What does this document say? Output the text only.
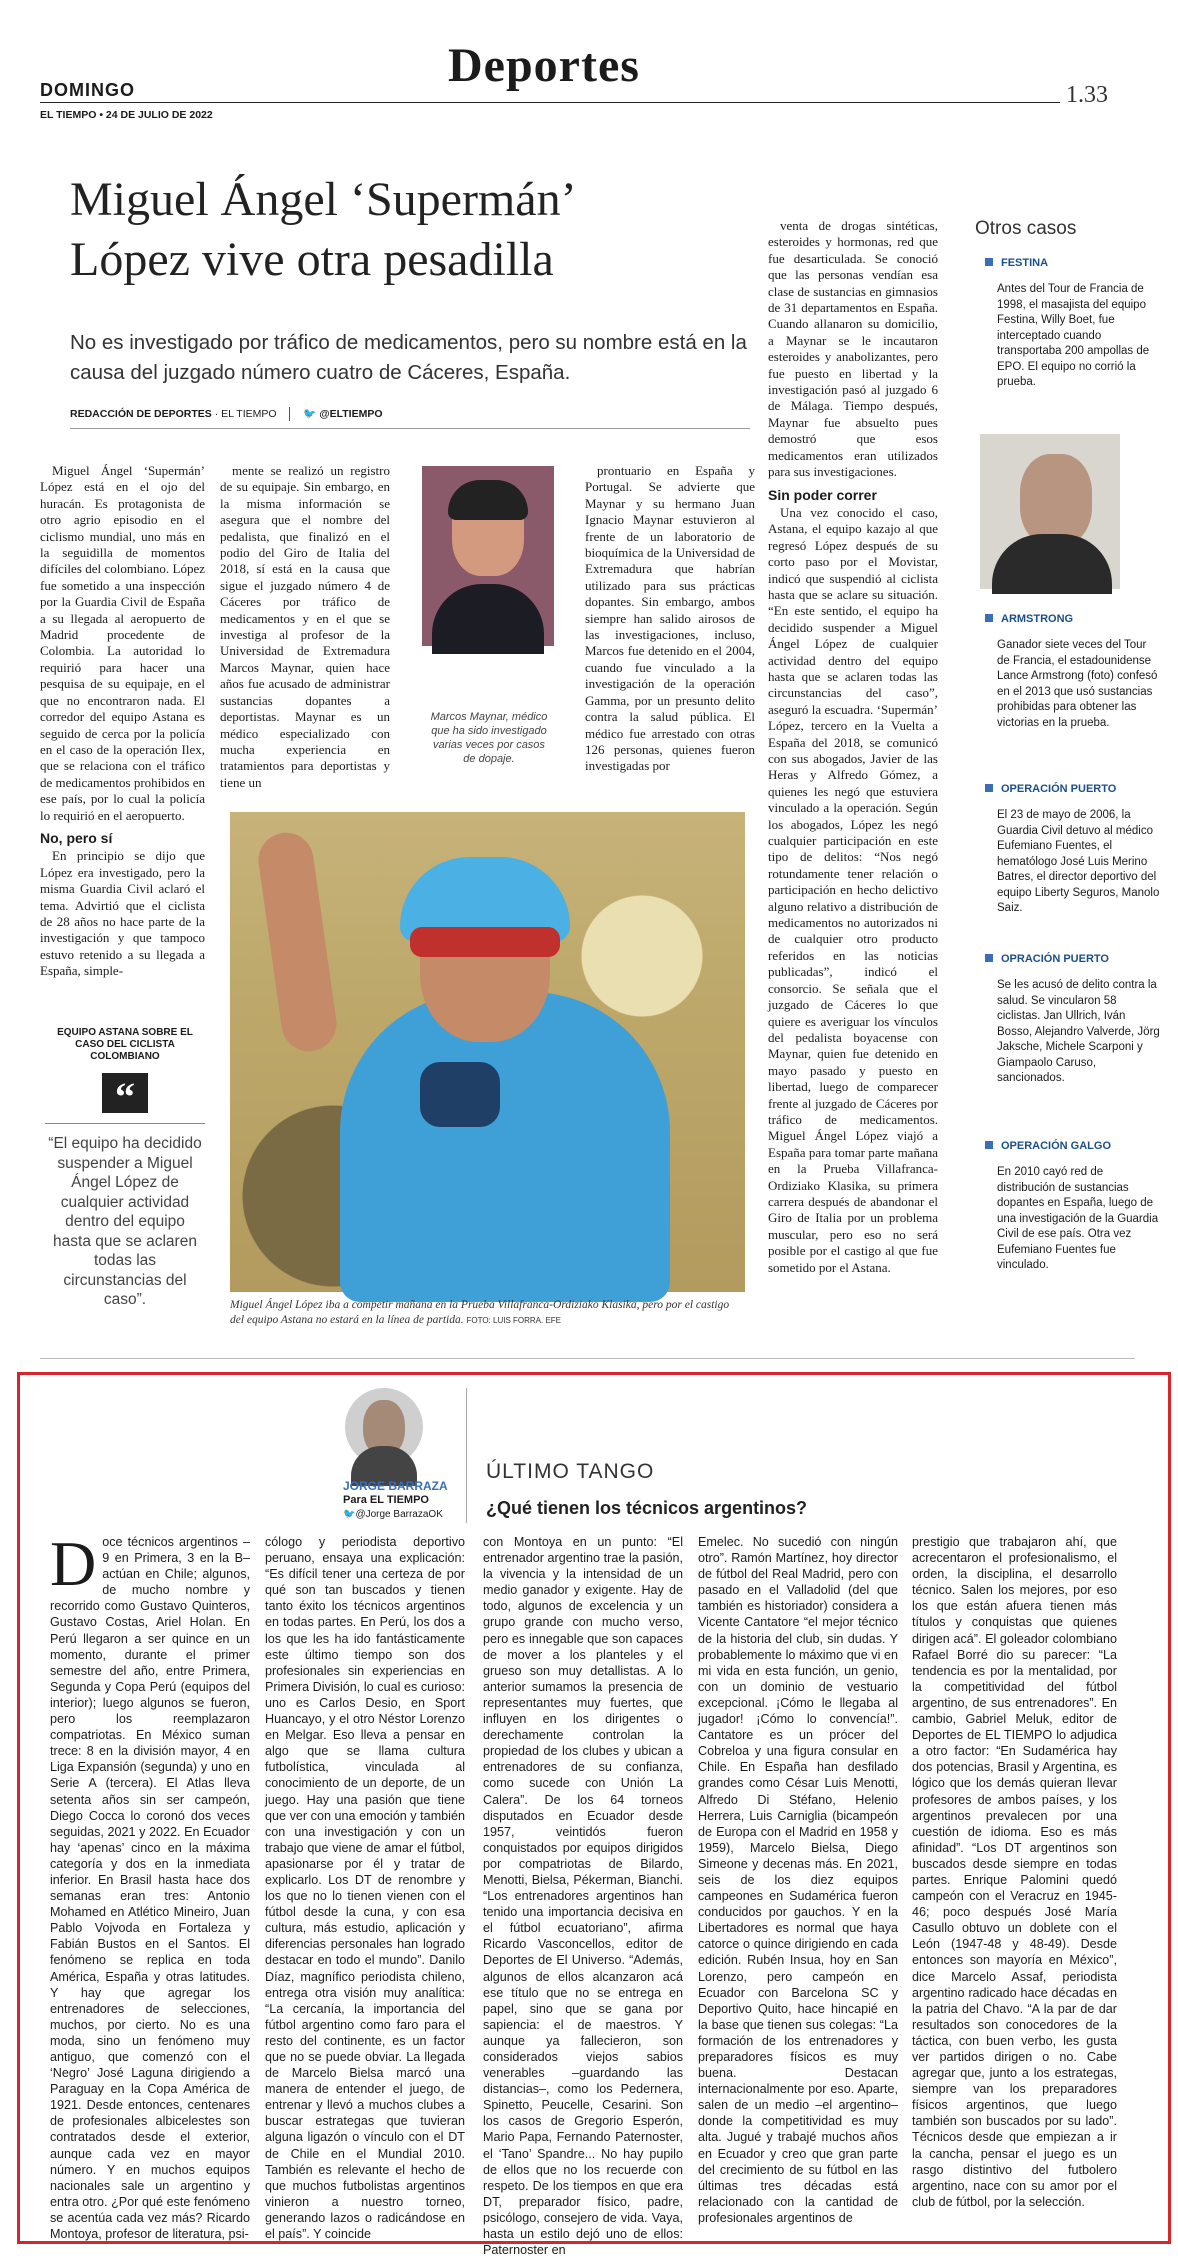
DOMINGO	Deportes
1.33
EL TIEMPO • 24 DE JULIO DE 2022
Miguel Ángel ‘Supermán’
López vive otra pesadilla
No es investigado por tráfico de medicamentos, pero su nombre está en la causa del juzgado número cuatro de Cáceres, España.
REDACCIÓN DE DEPORTES · EL TIEMPO	🐦 @ELTIEMPO

Miguel Ángel ‘Supermán’ López está en el ojo del huracán. Es protagonista de otro agrio episodio en el ciclismo mundial, uno más en la seguidilla de momentos difíciles del colombiano. López fue sometido a una inspección por la Guardia Civil de España a su llegada al aeropuerto de Madrid procedente de Colombia. La autoridad lo requirió para hacer una pesquisa de su equipaje, en el que no encontraron nada. El corredor del equipo Astana es seguido de cerca por la policía en el caso de la operación Ilex, que se relaciona con el tráfico de medicamentos prohibidos en ese país, por lo cual la policía lo requirió en el aeropuerto.

No, pero sí

En principio se dijo que López era investigado, pero la misma Guardia Civil aclaró el tema. Advirtió que el ciclista de 28 años no hace parte de la investigación y que tampoco estuvo retenido a su llegada a España, simple-

mente se realizó un registro de su equipaje. Sin embargo, en la misma información se asegura que el nombre del pedalista, que finalizó en el podio del Giro de Italia del 2018, sí está en la causa que sigue el juzgado número 4 de Cáceres por tráfico de medicamentos y en el que se investiga al profesor de la Universidad de Extremadura Marcos Maynar, quien hace años fue acusado de administrar sustancias dopantes a deportistas. Maynar es un médico especializado con mucha experiencia en tratamientos para deportistas y tiene un

Marcos Maynar, médico que ha sido investigado varias veces por casos de dopaje.

prontuario en España y Portugal. Se advierte que Maynar y su hermano Juan Ignacio Maynar estuvieron al frente de un laboratorio de bioquímica de la Universidad de Extremadura que habrían utilizado para sus prácticas dopantes. Sin embargo, ambos siempre han salido airosos de las investigaciones, incluso, Marcos fue detenido en el 2004, cuando fue vinculado a la investigación de la operación Gamma, por un presunto delito contra la salud pública. El médico fue arrestado con otras 126 personas, quienes fueron investigadas por

venta de drogas sintéticas, esteroides y hormonas, red que fue desarticulada. Se conoció que las personas vendían esa clase de sustancias en gimnasios de 31 departamentos en España. Cuando allanaron su domicilio, a Maynar se le incautaron esteroides y anabolizantes, pero fue puesto en libertad y la investigación pasó al juzgado 6 de Málaga. Tiempo después, Maynar fue absuelto pues demostró que esos medicamentos eran utilizados para sus investigaciones.

Sin poder correr

Una vez conocido el caso, Astana, el equipo kazajo al que regresó López después de su corto paso por el Movistar, indicó que suspendió al ciclista hasta que se aclare su situación. “En este sentido, el equipo ha decidido suspender a Miguel Ángel López de cualquier actividad dentro del equipo hasta que se aclaren todas las circunstancias del caso”, aseguró la escuadra. ‘Supermán’ López, tercero en la Vuelta a España del 2018, se comunicó con sus abogados, Javier de las Heras y Alfredo Gómez, a quienes les negó que estuviera vinculado a la operación. Según los abogados, López les negó cualquier participación en este tipo de delitos: “Nos negó rotundamente tener relación o participación en hecho delictivo alguno relativo a distribución de medicamentos no autorizados ni de cualquier otro producto referidos en las noticias publicadas”, indicó el consorcio. Se señala que el juzgado de Cáceres lo que quiere es averiguar los vínculos del pedalista boyacense con Maynar, quien fue detenido en mayo pasado y puesto en libertad, luego de comparecer frente al juzgado de Cáceres por tráfico de medicamentos. Miguel Ángel López viajó a España para tomar parte mañana en la Prueba Villafranca-Ordiziako Klasika, su primera carrera después de abandonar el Giro de Italia por un problema muscular, pero eso no será posible por el castigo al que fue sometido por el Astana.

EQUIPO ASTANA SOBRE EL CASO DEL CICLISTA COLOMBIANO
“
“El equipo ha decidido suspender a Miguel Ángel López de cualquier actividad dentro del equipo hasta que se aclaren todas las circunstancias del caso”.	Miguel Ángel López iba a competir mañana en la Prueba Villafranca-Ordiziako Klasika, pero por el castigo del equipo Astana no estará en la línea de partida. FOTO: LUIS FORRA. EFE
Otros casos
FESTINA
Antes del Tour de Francia de 1998, el masajista del equipo Festina, Willy Boet, fue interceptado cuando transportaba 200 ampollas de EPO. El equipo no corrió la prueba.
ARMSTRONG
Ganador siete veces del Tour de Francia, el estadounidense Lance Armstrong (foto) confesó en el 2013 que usó sustancias prohibidas para obtener las victorias en la prueba.
OPERACIÓN PUERTO
El 23 de mayo de 2006, la Guardia Civil detuvo al médico Eufemiano Fuentes, el hematólogo José Luis Merino Batres, el director deportivo del equipo Liberty Seguros, Manolo Saiz.
OPRACIÓN PUERTO
Se les acusó de delito contra la salud. Se vincularon 58 ciclistas. Jan Ullrich, Iván Bosso, Alejandro Valverde, Jörg Jaksche, Michele Scarponi y Giampaolo Caruso, sancionados.
OPERACIÓN GALGO
En 2010 cayó red de distribución de sustancias dopantes en España, luego de una investigación de la Guardia Civil de ese país. Otra vez Eufemiano Fuentes fue vinculado.
JORGE BARRAZA
Para EL TIEMPO
🐦@Jorge BarrazaOK
ÚLTIMO TANGO
¿Qué tienen los técnicos argentinos?
D oce técnicos argentinos –9 en Primera, 3 en la B– actúan en Chile; algunos, de mucho nombre y recorrido como Gustavo Quinteros, Gustavo Costas, Ariel Holan. En Perú llegaron a ser quince en un momento, durante el primer semestre del año, entre Primera, Segunda y Copa Perú (equipos del interior); luego algunos se fueron, pero los reemplazaron compatriotas. En México suman trece: 8 en la división mayor, 4 en Liga Expansión (segunda) y uno en Serie A (tercera). El Atlas lleva setenta años sin ser campeón, Diego Cocca lo coronó dos veces seguidas, 2021 y 2022. En Ecuador hay ‘apenas’ cinco en la máxima categoría y dos en la inmediata inferior. En Brasil hasta hace dos semanas eran tres: Antonio Mohamed en Atlético Mineiro, Juan Pablo Vojvoda en Fortaleza y Fabián Bustos en el Santos. El fenómeno se replica en toda América, España y otras latitudes. Y hay que agregar los entrenadores de selecciones, muchos, por cierto. No es una moda, sino un fenómeno muy antiguo, que comenzó con el ‘Negro’ José Laguna dirigiendo a Paraguay en la Copa América de 1921. Desde entonces, centenares de profesionales albicelestes son contratados desde el exterior, aunque cada vez en mayor número. Y en muchos equipos nacionales sale un argentino y entra otro. ¿Por qué este fenómeno se acentúa cada vez más? Ricardo Montoya, profesor de literatura, psi-
cólogo y periodista deportivo peruano, ensaya una explicación: “Es difícil tener una certeza de por qué son tan buscados y tienen tanto éxito los técnicos argentinos en todas partes. En Perú, los dos a los que les ha ido fantásticamente este último tiempo son dos profesionales sin experiencias en Primera División, lo cual es curioso: uno es Carlos Desio, en Sport Huancayo, y el otro Néstor Lorenzo en Melgar. Eso lleva a pensar en algo que se llama cultura futbolística, vinculada al conocimiento de un deporte, de un juego. Hay una pasión que tiene que ver con una emoción y también con una investigación y con un trabajo que viene de amar el fútbol, apasionarse por él y tratar de explicarlo. Los DT de renombre y los que no lo tienen vienen con el fútbol desde la cuna, y con esa cultura, más estudio, aplicación y diferencias personales han logrado destacar en todo el mundo”. Danilo Díaz, magnífico periodista chileno, entrega otra visión muy analítica: “La cercanía, la importancia del fútbol argentino como faro para el resto del continente, es un factor que no se puede obviar. La llegada de Marcelo Bielsa marcó una manera de entender el juego, de entrenar y llevó a muchos clubes a buscar estrategas que tuvieran alguna ligazón o vínculo con el DT de Chile en el Mundial 2010. También es relevante el hecho de que muchos futbolistas argentinos vinieron a nuestro torneo, generando lazos o radicándose en el país”. Y coincide
con Montoya en un punto: “El entrenador argentino trae la pasión, la vivencia y la intensidad de un medio ganador y exigente. Hay de todo, algunos de excelencia y un grupo grande con mucho verso, pero es innegable que son capaces de mover a los planteles y el grueso son muy detallistas. A lo anterior sumamos la presencia de representantes muy fuertes, que influyen en los dirigentes o derechamente controlan la propiedad de los clubes y ubican a entrenadores de su confianza, como sucede con Unión La Calera”. De los 64 torneos disputados en Ecuador desde 1957, veintidós fueron conquistados por equipos dirigidos por compatriotas de Bilardo, Menotti, Bielsa, Pékerman, Bianchi. “Los entrenadores argentinos han tenido una importancia decisiva en el fútbol ecuatoriano”, afirma Ricardo Vasconcellos, editor de Deportes de El Universo. “Además, algunos de ellos alcanzaron acá ese título que no se entrega en papel, sino que se gana por sapiencia: el de maestros. Y aunque ya fallecieron, son considerados viejos sabios venerables –guardando las distancias–, como los Pedernera, Spinetto, Peucelle, Cesarini. Son los casos de Gregorio Esperón, Mario Papa, Fernando Paternoster, el ‘Tano’ Spandre... No hay pupilo de ellos que no los recuerde con respeto. De los tiempos en que era DT, preparador físico, padre, psicólogo, consejero de vida. Vaya, hasta un estilo dejó uno de ellos: Paternoster en
Emelec. No sucedió con ningún otro”. Ramón Martínez, hoy director de fútbol del Real Madrid, pero con pasado en el Valladolid (del que también es historiador) considera a Vicente Cantatore “el mejor técnico de la historia del club, sin dudas. Y probablemente lo máximo que vi en mi vida en esta función, un genio, con un dominio de vestuario excepcional. ¡Cómo le llegaba al jugador! ¡Cómo lo convencía!”. Cantatore es un prócer del Cobreloa y una figura consular en Chile. En España han desfilado grandes como César Luis Menotti, Alfredo Di Stéfano, Helenio Herrera, Luis Carniglia (bicampeón de Europa con el Madrid en 1958 y 1959), Marcelo Bielsa, Diego Simeone y decenas más. En 2021, seis de los diez equipos campeones en Sudamérica fueron conducidos por gauchos. Y en la Libertadores es normal que haya catorce o quince dirigiendo en cada edición. Rubén Insua, hoy en San Lorenzo, pero campeón en Ecuador con Barcelona SC y Deportivo Quito, hace hincapié en la base que tienen sus colegas: “La formación de los entrenadores y preparadores físicos es muy buena. Destacan internacionalmente por eso. Aparte, salen de un medio –el argentino– donde la competitividad es muy alta. Jugué y trabajé muchos años en Ecuador y creo que gran parte del crecimiento de su fútbol en las últimas tres décadas está relacionado con la cantidad de profesionales argentinos de
prestigio que trabajaron ahí, que acrecentaron el profesionalismo, el orden, la disciplina, el desarrollo técnico. Salen los mejores, por eso los que están afuera tienen más títulos y conquistas que quienes dirigen acá”. El goleador colombiano Rafael Borré dio su parecer: “La tendencia es por la mentalidad, por la competitividad del fútbol argentino, de sus entrenadores”. En cambio, Gabriel Meluk, editor de Deportes de EL TIEMPO lo adjudica a otro factor: “En Sudamérica hay dos potencias, Brasil y Argentina, es lógico que los demás quieran llevar profesores de ambos países, y los argentinos prevalecen por una cuestión de idioma. Eso es más afinidad”. “Los DT argentinos son buscados desde siempre en todas partes. Enrique Palomini quedó campeón con el Veracruz en 1945-46; poco después José María Casullo obtuvo un doblete con el León (1947-48 y 48-49). Desde entonces son mayoría en México”, dice Marcelo Assaf, periodista argentino radicado hace décadas en la patria del Chavo. “A la par de dar resultados son conocedores de la táctica, con buen verbo, les gusta ver partidos dirigen o no. Cabe agregar que, junto a los estrategas, siempre van los preparadores físicos argentinos, que luego también son buscados por su lado”. Técnicos desde que empiezan a ir la cancha, pensar el juego es un rasgo distintivo del futbolero argentino, nace con su amor por el club de fútbol, por la selección.
